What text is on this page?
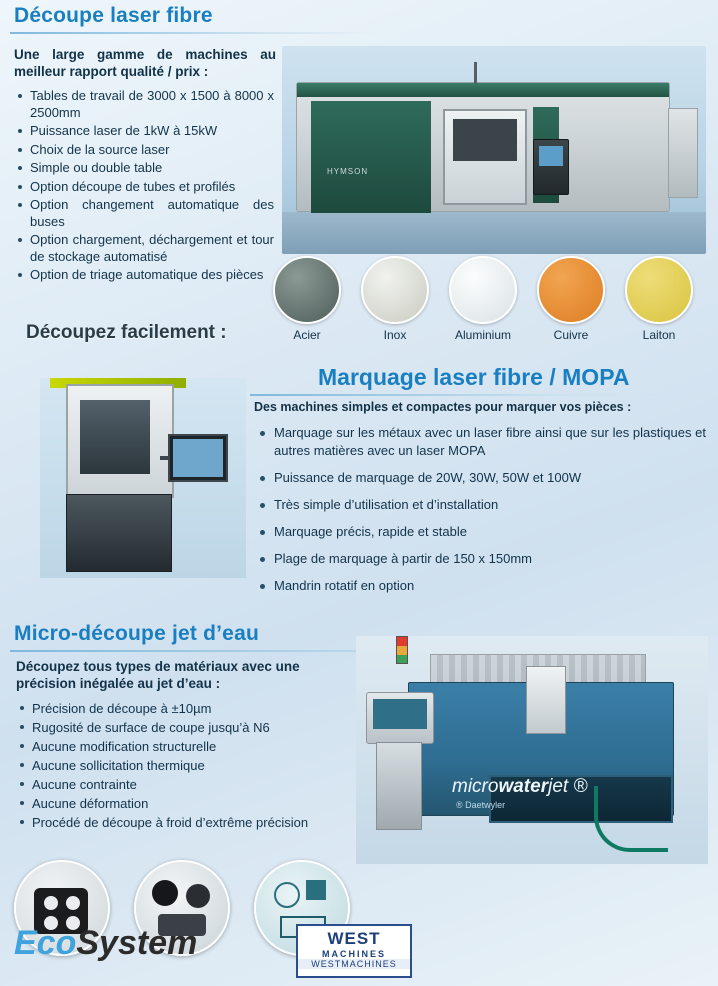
Découpe laser fibre
Une large gamme de machines au meilleur rapport qualité / prix :
Tables de travail de 3000 x 1500 à 8000 x 2500mm
Puissance laser de 1kW à 15kW
Choix de la source laser
Simple ou double table
Option découpe de tubes et profilés
Option changement automatique des buses
Option chargement, déchargement et tour de stockage automatisé
Option de triage automatique des pièces
HYMSON
Acier	Inox	Aluminium	Cuivre	Laiton
Découpez facilement :
Marquage laser fibre / MOPA
Des machines simples et compactes pour marquer vos pièces :
Marquage sur les métaux avec un laser fibre ainsi que sur les plastiques et autres matières avec un laser MOPA
Puissance de marquage de 20W, 30W, 50W et 100W
Très simple d’utilisation et d’installation
Marquage précis, rapide et stable
Plage de marquage à partir de 150 x 150mm
Mandrin rotatif en option
Micro-découpe jet d’eau
Découpez tous types de matériaux avec une précision inégalée au jet d’eau :
Précision de découpe à ±10µm
Rugosité de surface de coupe jusqu’à N6
Aucune modification structurelle
Aucune sollicitation thermique
Aucune contrainte
Aucune déformation
Procédé de découpe à froid d’extrême précision
microwaterjet ®
® Daetwyler
EcoSystem	WEST
MACHINES
WESTMACHINES
